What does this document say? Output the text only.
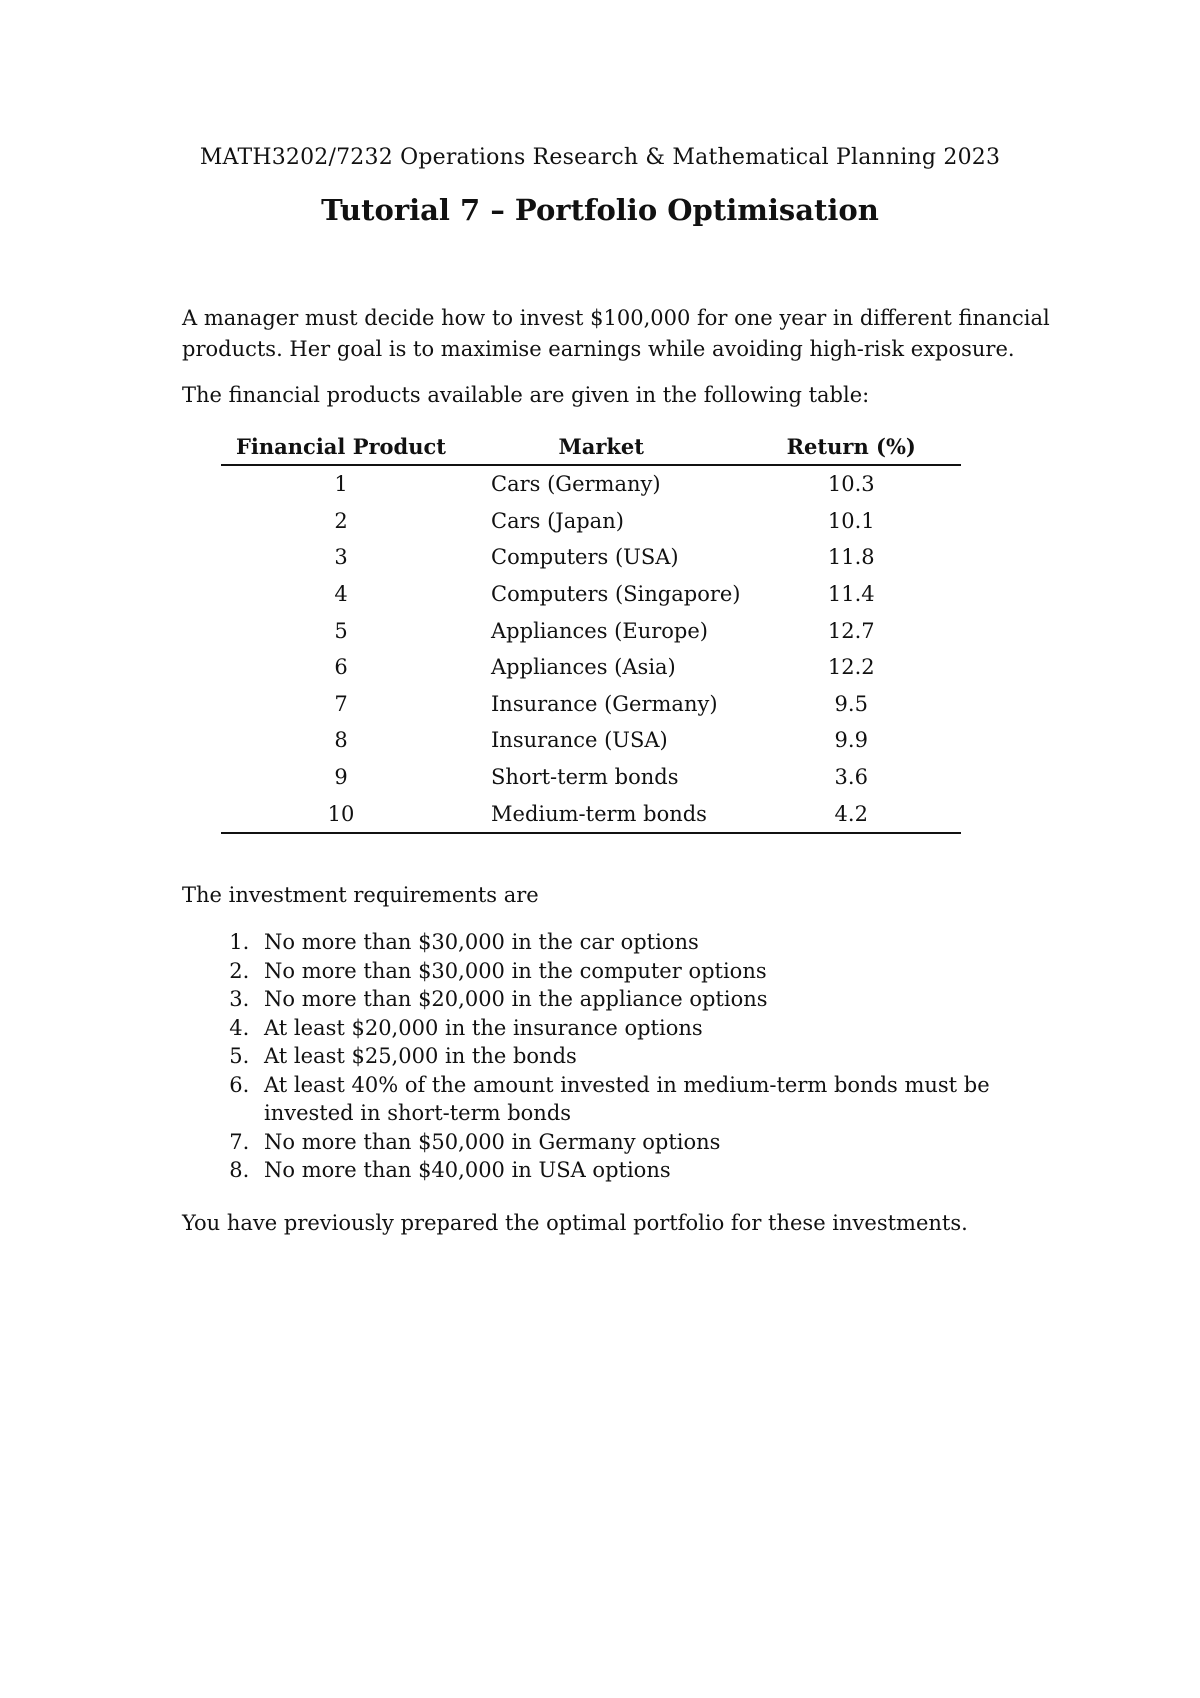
MATH3202/7232 Operations Research & Mathematical Planning 2023
Tutorial 7 – Portfolio Optimisation
A manager must decide how to invest $100,000 for one year in different financial products. Her goal is to maximise earnings while avoiding high-risk exposure.
The financial products available are given in the following table:
Financial Product	Market	Return (%)
1	Cars (Germany)	10.3
2	Cars (Japan)	10.1
3	Computers (USA)	11.8
4	Computers (Singapore)	11.4
5	Appliances (Europe)	12.7
6	Appliances (Asia)	12.2
7	Insurance (Germany)	9.5
8	Insurance (USA)	9.9
9	Short-term bonds	3.6
10	Medium-term bonds	4.2
The investment requirements are
1. No more than $30,000 in the car options
2. No more than $30,000 in the computer options
3. No more than $20,000 in the appliance options
4. At least $20,000 in the insurance options
5. At least $25,000 in the bonds
6. At least 40% of the amount invested in medium-term bonds must be invested in short-term bonds
7. No more than $50,000 in Germany options
8. No more than $40,000 in USA options
You have previously prepared the optimal portfolio for these investments.
